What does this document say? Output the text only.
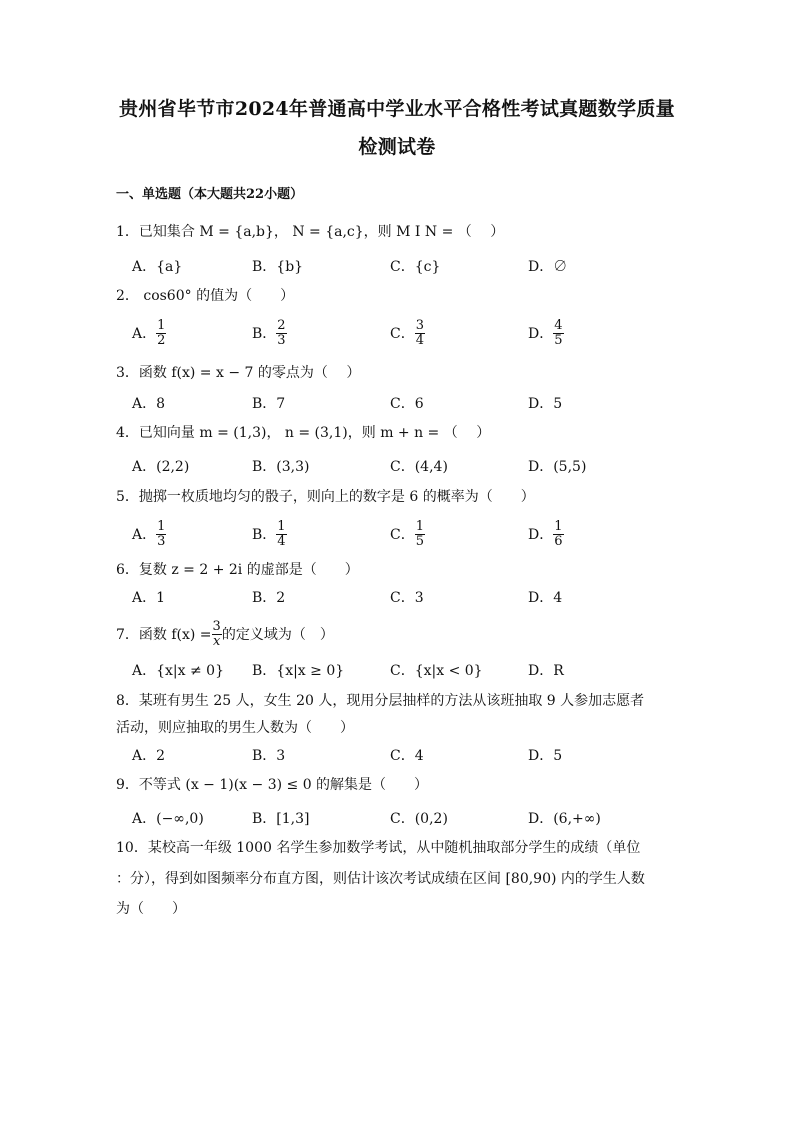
贵州省毕节市2024年普通高中学业水平合格性考试真题数学质量
检测试卷
一、单选题（本大题共22小题）
1．已知集合 M = {a,b}， N = {a,c}，则 M I N = （　 ）
A．{a}	B．{b}	C．{c}	D．∅
2． cos60° 的值为（　　）
A． $\frac{1}{2}$	B． $\frac{2}{3}$	C． $\frac{3}{4}$	D． $\frac{4}{5}$
3．函数 f(x) = x − 7 的零点为（　 ）
A．8	B．7	C．6	D．5
4．已知向量 m = (1,3)， n = (3,1)，则 m + n = （　 ）
A．(2,2)	B．(3,3)	C．(4,4)	D．(5,5)
5．抛掷一枚质地均匀的骰子，则向上的数字是 6 的概率为（　　）
A． $\frac{1}{3}$	B． $\frac{1}{4}$	C． $\frac{1}{5}$	D． $\frac{1}{6}$
6．复数 z = 2 + 2i 的虚部是（　　）
A．1	B．2	C．3	D．4
7．函数 $f(x) = \frac{3}{x}$ 的定义域为（　）
A．{x|x ≠ 0} B．{x|x ≥ 0}	C．{x|x < 0}	D．R
8．某班有男生 25 人，女生 20 人，现用分层抽样的方法从该班抽取 9 人参加志愿者
活动，则应抽取的男生人数为（　　）
A．2	B．3	C．4	D．5
9．不等式 (x − 1)(x − 3) ≤ 0 的解集是（　　）
A．(−∞,0)	B．[1,3]	C．(0,2)	D．(6,+∞)
10．某校高一年级 1000 名学生参加数学考试，从中随机抽取部分学生的成绩（单位
：分），得到如图频率分布直方图，则估计该次考试成绩在区间 [80,90) 内的学生人数
为（　　）
